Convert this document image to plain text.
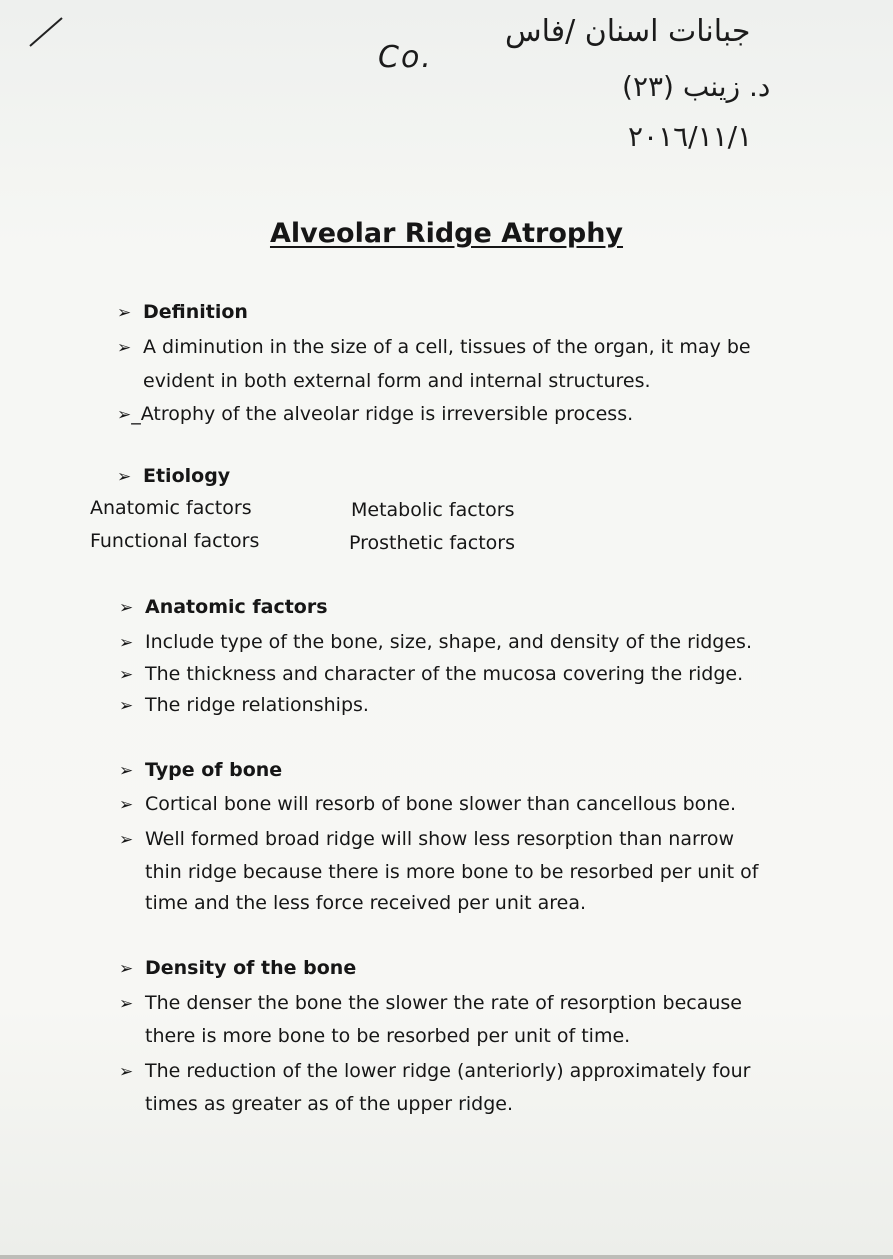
Co.
جبانات اسنان /فاس
د. زينب (٢٣)
٢٠١٦/١١/١
Alveolar Ridge Atrophy
➢ Definition
➢ A diminution in the size of a cell, tissues of the organ, it may be
evident in both external form and internal structures.
➢_Atrophy of the alveolar ridge is irreversible process.
➢ Etiology
Anatomic factors	Metabolic factors
Functional factors	Prosthetic factors
➢ Anatomic factors
➢ Include type of the bone, size, shape, and density of the ridges.
➢ The thickness and character of the mucosa covering the ridge.
➢ The ridge relationships.
➢ Type of bone
➢ Cortical bone will resorb of bone slower than cancellous bone.
➢ Well formed broad ridge will show less resorption than narrow
thin ridge because there is more bone to be resorbed per unit of
time and the less force received per unit area.
➢ Density of the bone
➢ The denser the bone the slower the rate of resorption because
there is more bone to be resorbed per unit of time.
➢ The reduction of the lower ridge (anteriorly) approximately four
times as greater as of the upper ridge.
